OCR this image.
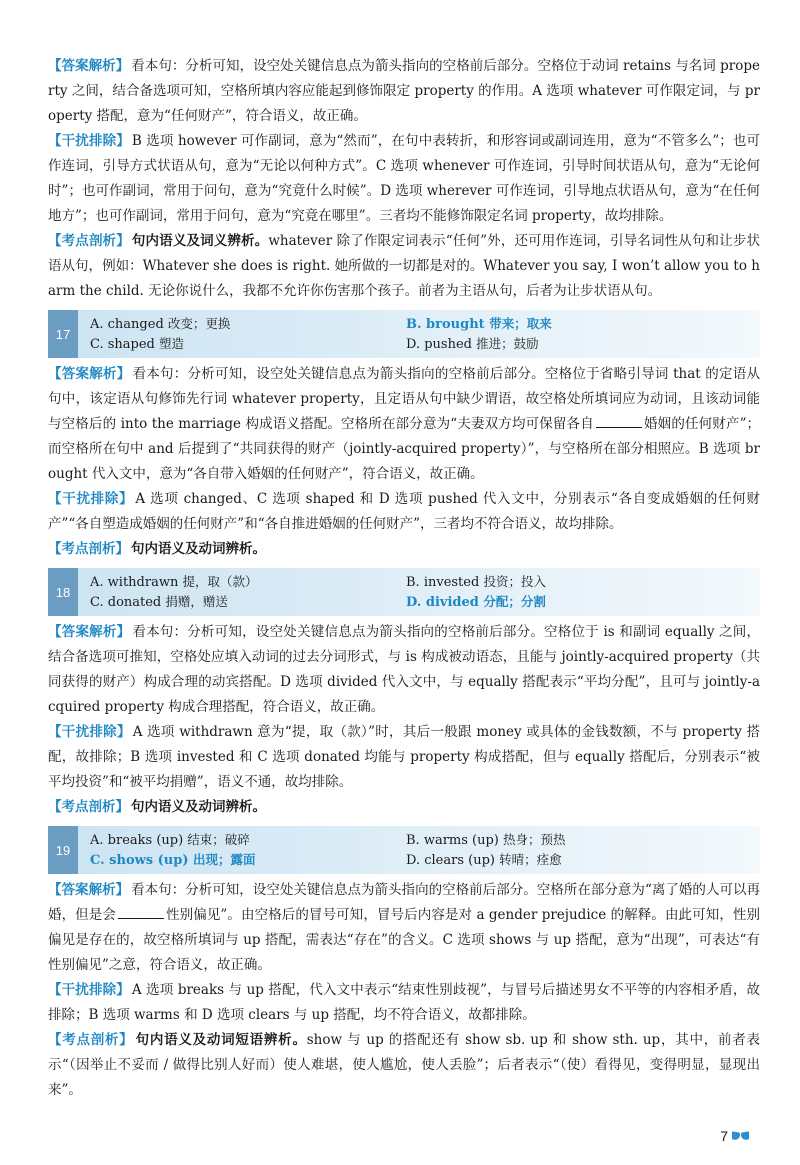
【答案解析】 看本句：分析可知，设空处关键信息点为箭头指向的空格前后部分。空格位于动词 retains 与名词 property 之间，结合备选项可知，空格所填内容应能起到修饰限定 property 的作用。A 选项 whatever 可作限定词，与 property 搭配，意为“任何财产”，符合语义，故正确。

【干扰排除】 B 选项 however 可作副词，意为“然而”，在句中表转折，和形容词或副词连用，意为“不管多么”；也可作连词，引导方式状语从句，意为“无论以何种方式”。C 选项 whenever 可作连词，引导时间状语从句，意为“无论何时”；也可作副词，常用于问句，意为“究竟什么时候”。D 选项 wherever 可作连词，引导地点状语从句，意为“在任何地方”；也可作副词，常用于问句，意为“究竟在哪里”。三者均不能修饰限定名词 property，故均排除。

【考点剖析】 句内语义及词义辨析。whatever 除了作限定词表示“任何”外，还可用作连词，引导名词性从句和让步状语从句，例如：Whatever she does is right. 她所做的一切都是对的。Whatever you say, I won’t allow you to harm the child. 无论你说什么，我都不允许你伤害那个孩子。前者为主语从句，后者为让步状语从句。

17
A. changed 改变；更换	B. brought 带来；取来
C. shaped 塑造	D. pushed 推进；鼓励

【答案解析】 看本句：分析可知，设空处关键信息点为箭头指向的空格前后部分。空格位于省略引导词 that 的定语从句中，该定语从句修饰先行词 whatever property，且定语从句中缺少谓语，故空格处所填词应为动词，且该动词能与空格后的 into the marriage 构成语义搭配。空格所在部分意为“夫妻双方均可保留各自	婚姻的任何财产”；而空格所在句中 and 后提到了“共同获得的财产（jointly-acquired property）”，与空格所在部分相照应。B 选项 brought 代入文中，意为“各自带入婚姻的任何财产”，符合语义，故正确。

【干扰排除】 A 选项 changed、C 选项 shaped 和 D 选项 pushed 代入文中，分别表示“各自变成婚姻的任何财产”“各自塑造成婚姻的任何财产”和“各自推进婚姻的任何财产”，三者均不符合语义，故均排除。

【考点剖析】 句内语义及动词辨析。

18
A. withdrawn 提，取（款）	B. invested 投资；投入
C. donated 捐赠，赠送	D. divided 分配；分割

【答案解析】 看本句：分析可知，设空处关键信息点为箭头指向的空格前后部分。空格位于 is 和副词 equally 之间，结合备选项可推知，空格处应填入动词的过去分词形式，与 is 构成被动语态，且能与 jointly-acquired property（共同获得的财产）构成合理的动宾搭配。D 选项 divided 代入文中，与 equally 搭配表示“平均分配”，且可与 jointly-acquired property 构成合理搭配，符合语义，故正确。

【干扰排除】 A 选项 withdrawn 意为“提，取（款）”时，其后一般跟 money 或具体的金钱数额，不与 property 搭配，故排除；B 选项 invested 和 C 选项 donated 均能与 property 构成搭配，但与 equally 搭配后，分别表示“被平均投资”和“被平均捐赠”，语义不通，故均排除。

【考点剖析】 句内语义及动词辨析。

19
A. breaks (up) 结束；破碎	B. warms (up) 热身；预热
C. shows (up) 出现；露面	D. clears (up) 转晴；痊愈

【答案解析】 看本句：分析可知，设空处关键信息点为箭头指向的空格前后部分。空格所在部分意为“离了婚的人可以再婚，但是会	性别偏见”。由空格后的冒号可知，冒号后内容是对 a gender prejudice 的解释。由此可知，性别偏见是存在的，故空格所填词与 up 搭配，需表达“存在”的含义。C 选项 shows 与 up 搭配，意为“出现”，可表达“有性别偏见”之意，符合语义，故正确。

【干扰排除】 A 选项 breaks 与 up 搭配，代入文中表示“结束性别歧视”，与冒号后描述男女不平等的内容相矛盾，故排除；B 选项 warms 和 D 选项 clears 与 up 搭配，均不符合语义，故都排除。

【考点剖析】 句内语义及动词短语辨析。show 与 up 的搭配还有 show sb. up 和 show sth. up，其中，前者表示“（因举止不妥而 / 做得比别人好而）使人难堪，使人尴尬，使人丢脸”；后者表示“（使）看得见，变得明显，显现出来”。

7
